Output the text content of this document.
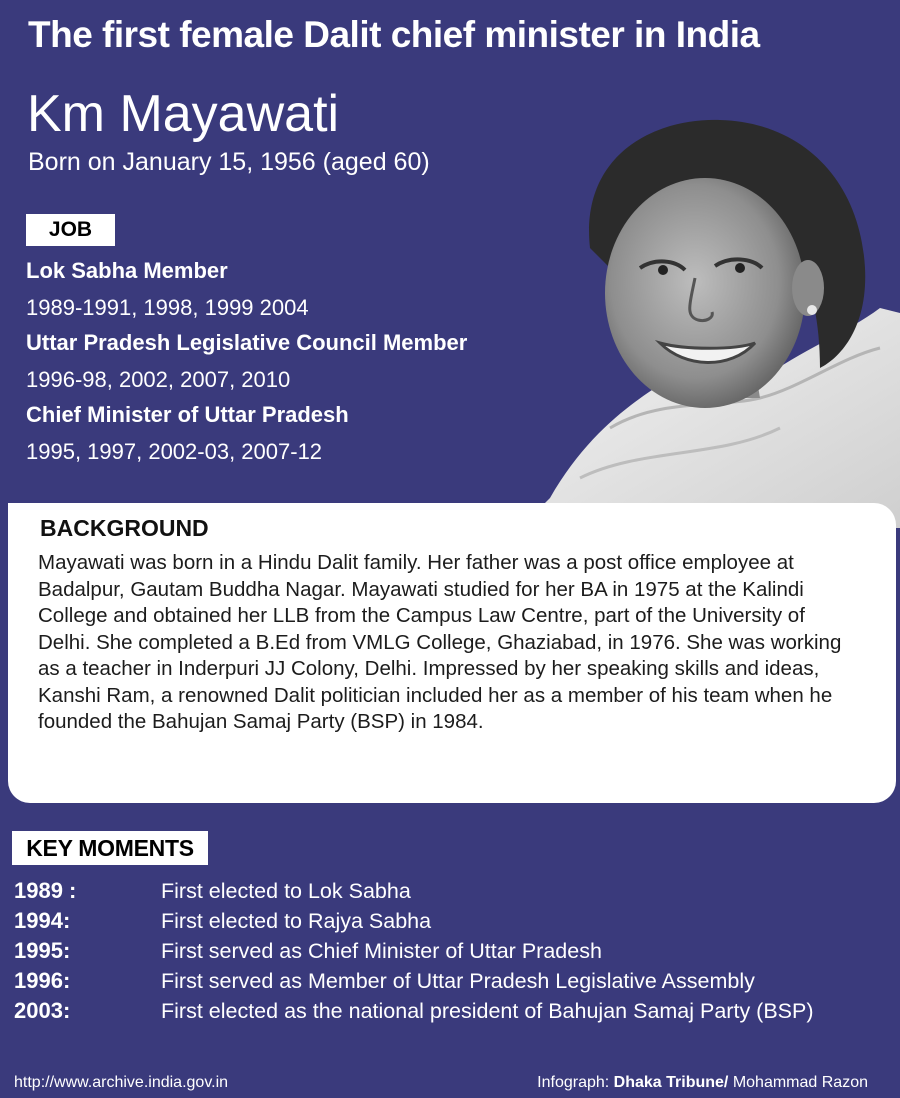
The first female Dalit chief minister in India
Km Mayawati
Born on January 15, 1956 (aged 60)
JOB
Lok Sabha Member
1989-1991, 1998, 1999 2004
Uttar Pradesh Legislative Council Member
1996-98, 2002, 2007, 2010
Chief Minister of Uttar Pradesh
1995, 1997, 2002-03, 2007-12
BACKGROUND
Mayawati was born in a Hindu Dalit family. Her father was a post office employee at Badalpur, Gautam Buddha Nagar. Mayawati studied for her BA in 1975 at the Kalindi College and obtained her LLB from the Campus Law Centre, part of the University of Delhi. She completed a B.Ed from VMLG College, Ghaziabad, in 1976. She was working as a teacher in Inderpuri JJ Colony, Delhi. Impressed by her speaking skills and ideas, Kanshi Ram, a renowned Dalit politician included her as a member of his team when he founded the Bahujan Samaj Party (BSP) in 1984.
KEY MOMENTS
1989 :	First elected to Lok Sabha
1994:	First elected to Rajya Sabha
1995:	First served as Chief Minister of Uttar Pradesh
1996:	First served as Member of Uttar Pradesh Legislative Assembly
2003:	First elected as the national president of Bahujan Samaj Party (BSP)
http://www.archive.india.gov.in	Infograph: Dhaka Tribune/ Mohammad Razon
